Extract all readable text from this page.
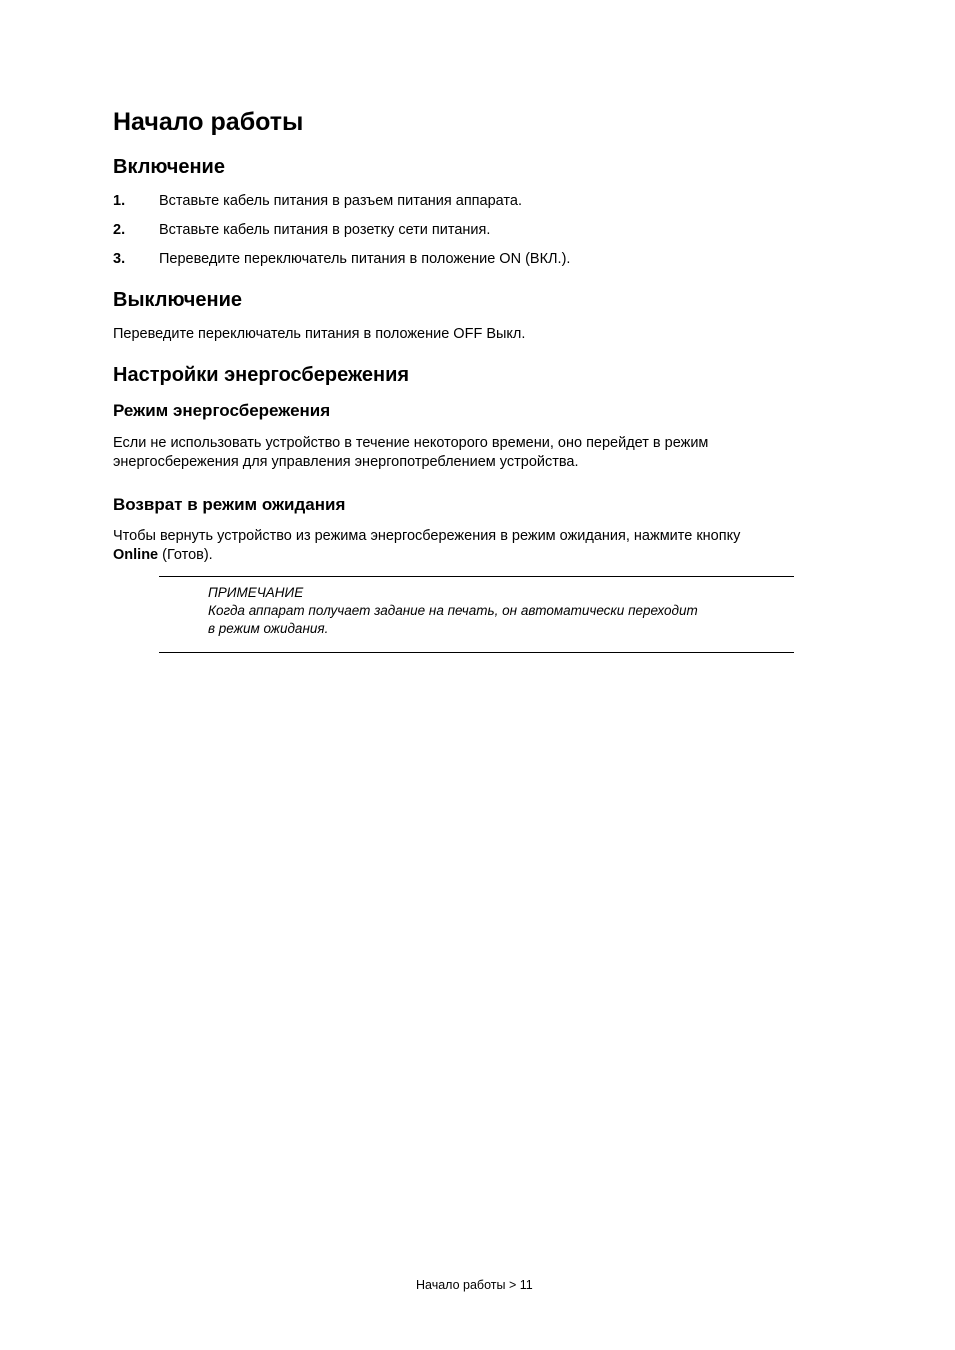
Начало работы
Включение
1. Вставьте кабель питания в разъем питания аппарата.
2. Вставьте кабель питания в розетку сети питания.
3. Переведите переключатель питания в положение ON (ВКЛ.).
Выключение
Переведите переключатель питания в положение OFF Выкл.
Настройки энергосбережения
Режим энергосбережения
Если не использовать устройство в течение некоторого времени, оно перейдет в режим
энергосбережения для управления энергопотреблением устройства.
Возврат в режим ожидания
Чтобы вернуть устройство из режима энергосбережения в режим ожидания, нажмите кнопку
Online (Готов).
ПРИМЕЧАНИЕ
Когда аппарат получает задание на печать, он автоматически переходит
в режим ожидания.
Начало работы > 11
